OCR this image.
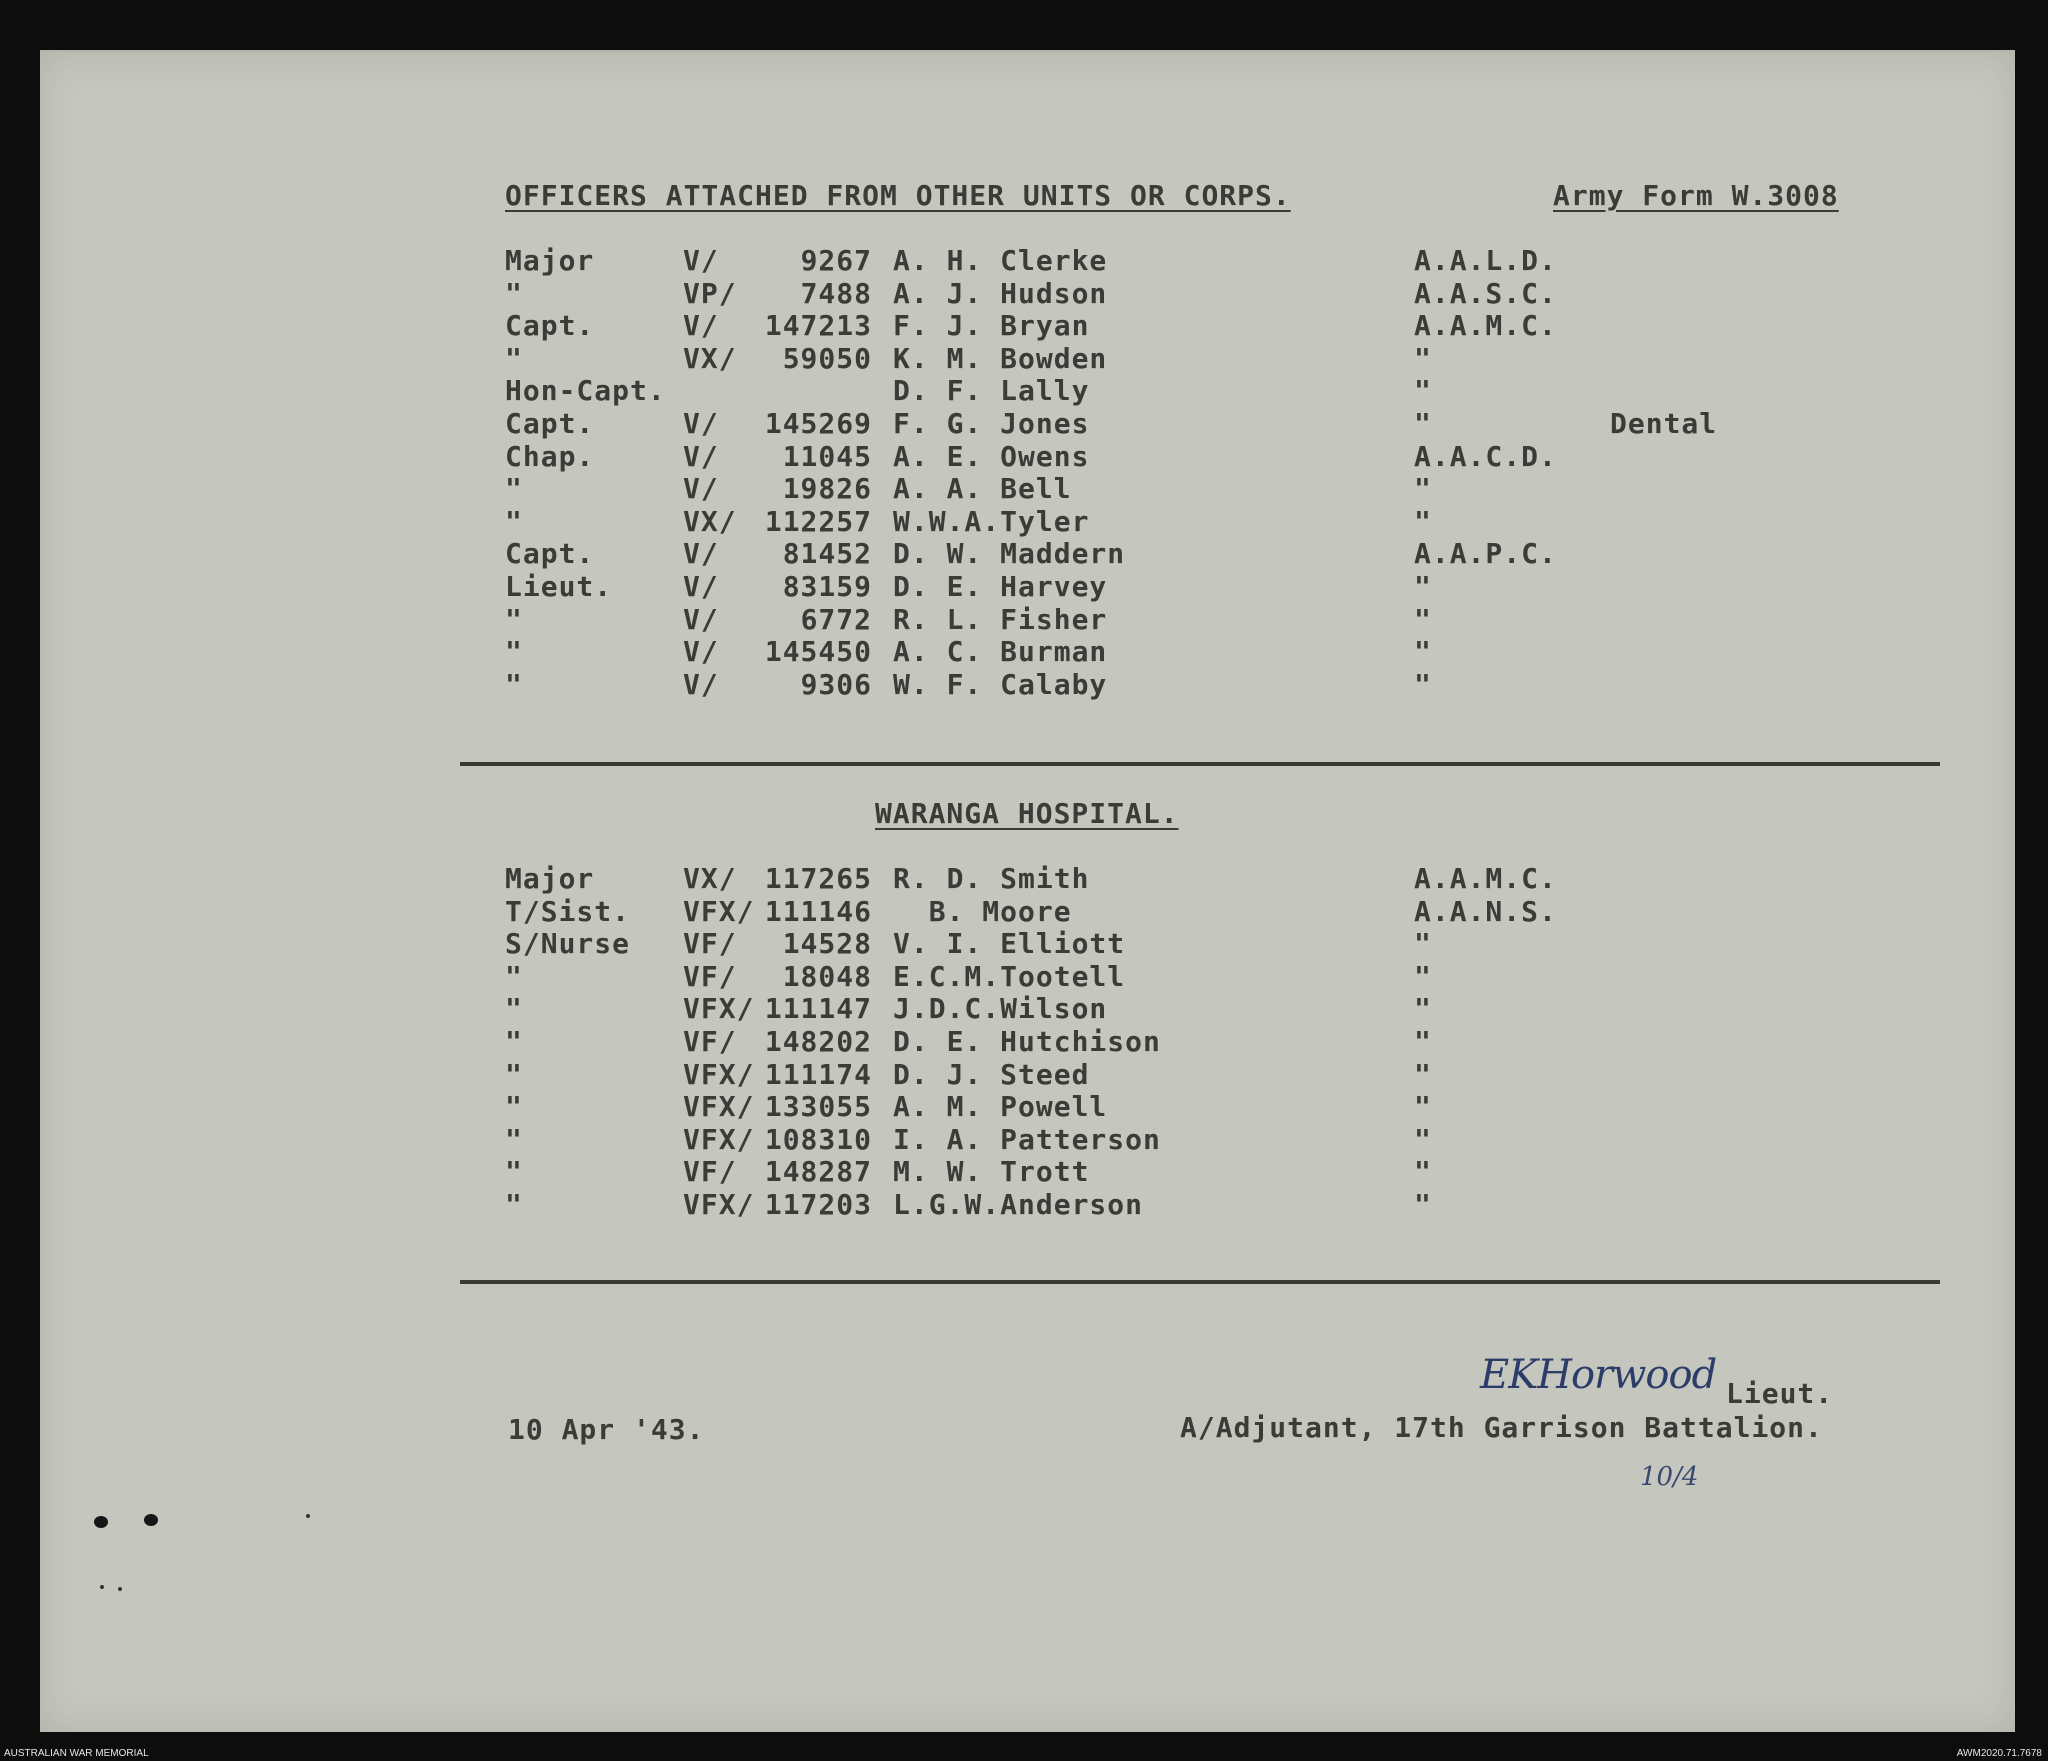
OFFICERS ATTACHED FROM OTHER UNITS OR CORPS.	Army Form W.3008
Major	V/	9267 A. H. Clerke	A.A.L.D.
"	VP/ 7488 A. J. Hudson	A.A.S.C.
Capt.	V/ 147213 F. J. Bryan	A.A.M.C.
"	VX/ 59050 K. M. Bowden	"
Hon-Capt.	D. F. Lally	"
Capt.	V/ 145269 F. G. Jones	"	Dental
Chap.	V/ 11045 A. E. Owens	A.A.C.D.
"	V/ 19826 A. A. Bell	"
"	VX/ 112257 W.W.A.Tyler	"
Capt.	V/ 81452 D. W. Maddern	A.A.P.C.
Lieut.	V/ 83159 D. E. Harvey	"
"	V/	6772 R. L. Fisher	"
"	V/ 145450 A. C. Burman	"
"	V/	9306 W. F. Calaby	"
WARANGA HOSPITAL.
Major	VX/ 117265 R. D. Smith	A.A.M.C.
T/Sist. VFX/ 111146 B. Moore	A.A.N.S.
S/Nurse VF/ 14528 V. I. Elliott	"
"	VF/ 18048 E.C.M.Tootell	"
"	VFX/ 111147 J.D.C.Wilson	"
"	VF/ 148202 D. E. Hutchison	"
"	VFX/ 111174 D. J. Steed	"
"	VFX/ 133055 A. M. Powell	"
"	VFX/ 108310 I. A. Patterson	"
"	VF/ 148287 M. W. Trott	"
"	VFX/ 117203 L.G.W.Anderson	"
10 Apr '43.
EKHorwood Lieut.
A/Adjutant, 17th Garrison Battalion.
10/4
AUSTRALIAN WAR MEMORIAL	AWM2020.71.7678
